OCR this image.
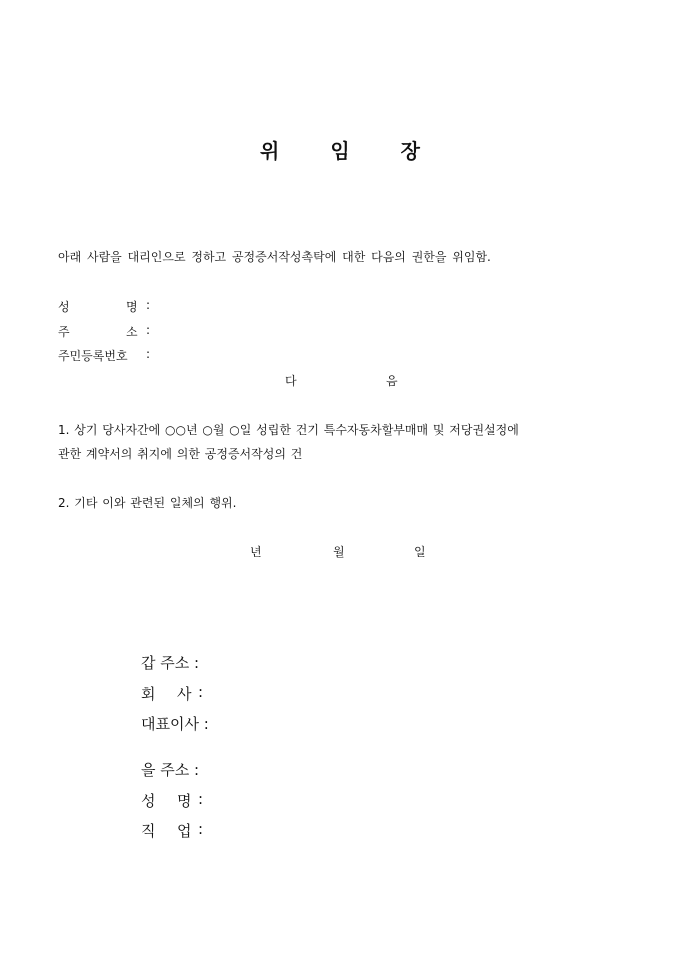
위	임	장
아래 사람을 대리인으로 정하고 공정증서작성촉탁에 대한 다음의 권한을 위임함.
성	명 :
주	소 :
주민등록번호 :
다	음
1. 상기 당사자간에 ○○년 ○월 ○일 성립한 건기 특수자동차할부매매 및 저당권설정에
관한 계약서의 취지에 의한 공정증서작성의 건
2. 기타 이와 관련된 일체의 행위.
년	월	일
갑 주소 :
회 사 :
대표이사 :
을 주소 :
성 명 :
직 업 :
